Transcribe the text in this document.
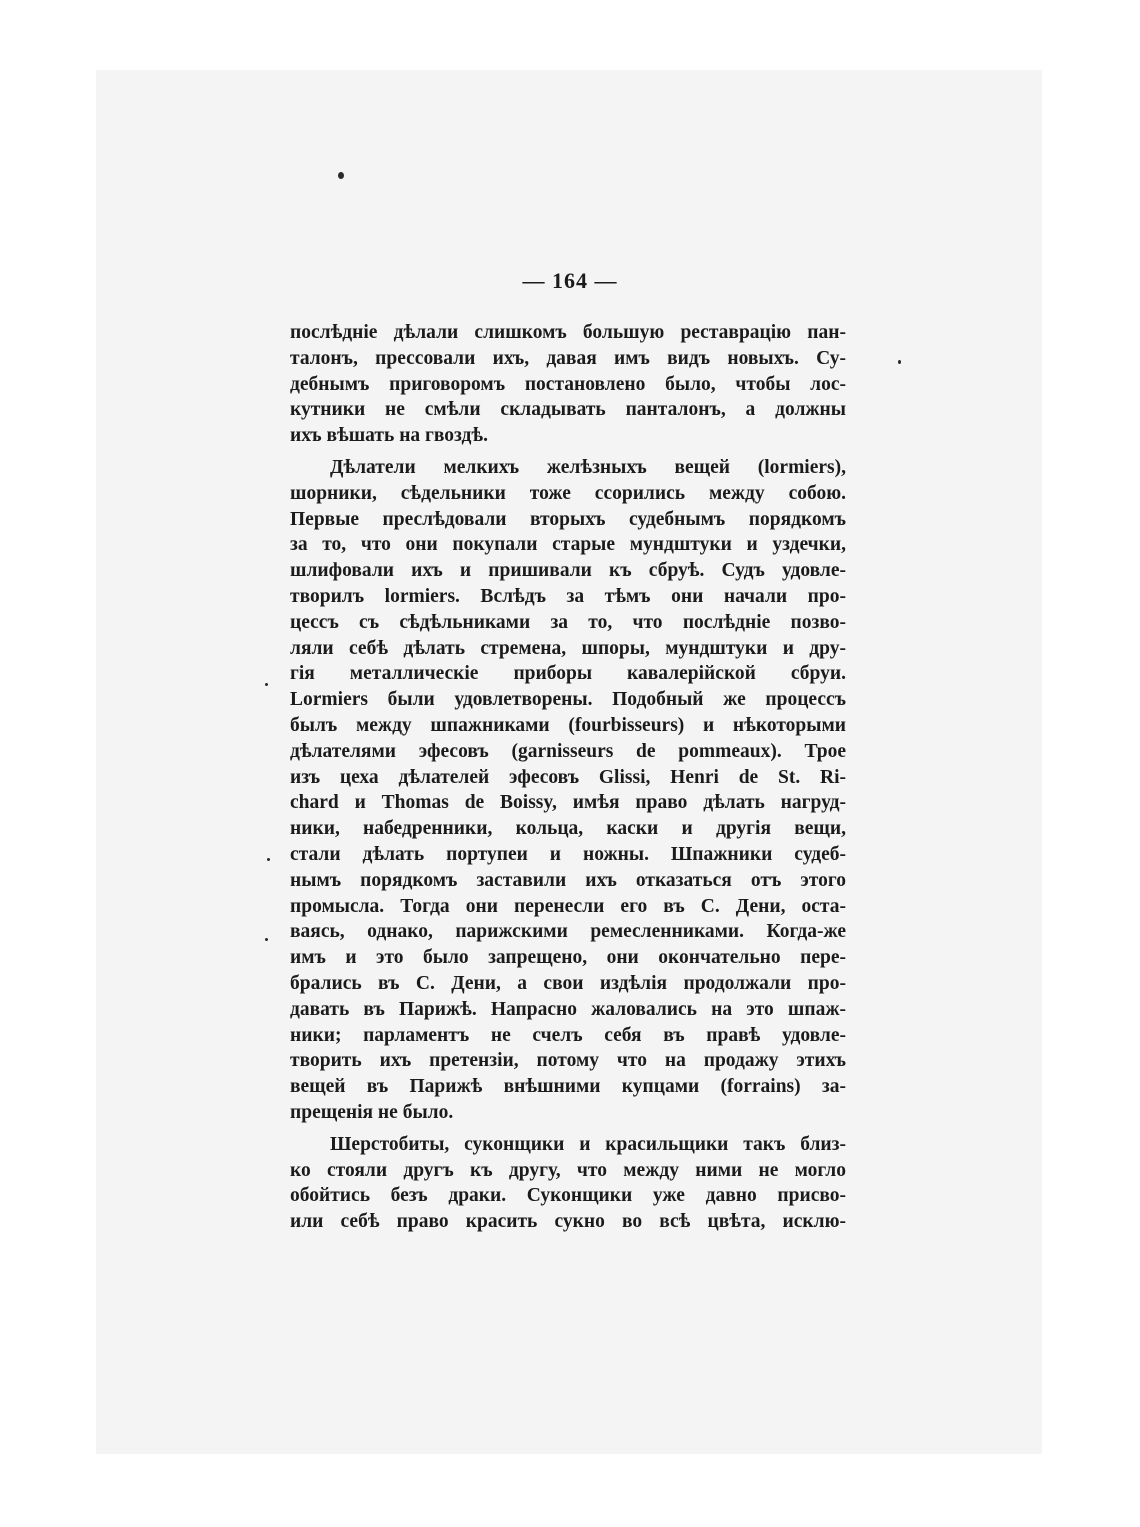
— 164 —
послѣдніе дѣлали слишкомъ большую реставрацію пан-
талонъ, прессовали ихъ, давая имъ видъ новыхъ. Су-
дебнымъ приговоромъ постановлено было, чтобы лос-
кутники не смѣли складывать панталонъ, а должны
ихъ вѣшать на гвоздѣ.
Дѣлатели мелкихъ желѣзныхъ вещей (lormiers),
шорники, сѣдельники тоже ссорились между собою.
Первые преслѣдовали вторыхъ судебнымъ порядкомъ
за то, что они покупали старые мундштуки и уздечки,
шлифовали ихъ и пришивали къ сбруѣ. Судъ удовле-
творилъ lormiers. Вслѣдъ за тѣмъ они начали про-
цессъ съ сѣдѣльниками за то, что послѣдніе позво-
ляли себѣ дѣлать стремена, шпоры, мундштуки и дру-
гія металлическіе приборы кавалерійской сбруи.
Lormiers были удовлетворены. Подобный же процессъ
былъ между шпажниками (fourbisseurs) и нѣкоторыми
дѣлателями эфесовъ (garnisseurs de pommeaux). Трое
изъ цеха дѣлателей эфесовъ Glissi, Henri de St. Ri-
chard и Thomas de Boissy, имѣя право дѣлать нагруд-
ники, набедренники, кольца, каски и другія вещи,
стали дѣлать портупеи и ножны. Шпажники судеб-
нымъ порядкомъ заставили ихъ отказаться отъ этого
промысла. Тогда они перенесли его въ С. Дени, оста-
ваясь, однако, парижскими ремесленниками. Когда-же
имъ и это было запрещено, они окончательно пере-
брались въ С. Дени, а свои издѣлія продолжали про-
давать въ Парижѣ. Напрасно жаловались на это шпаж-
ники; парламентъ не счелъ себя въ правѣ удовле-
творить ихъ претензіи, потому что на продажу этихъ
вещей въ Парижѣ внѣшними купцами (forrains) за-
прещенія не было.
Шерстобиты, суконщики и красильщики такъ близ-
ко стояли другъ къ другу, что между ними не могло
обойтись безъ драки. Суконщики уже давно присво-
или себѣ право красить сукно во всѣ цвѣта, исклю-
